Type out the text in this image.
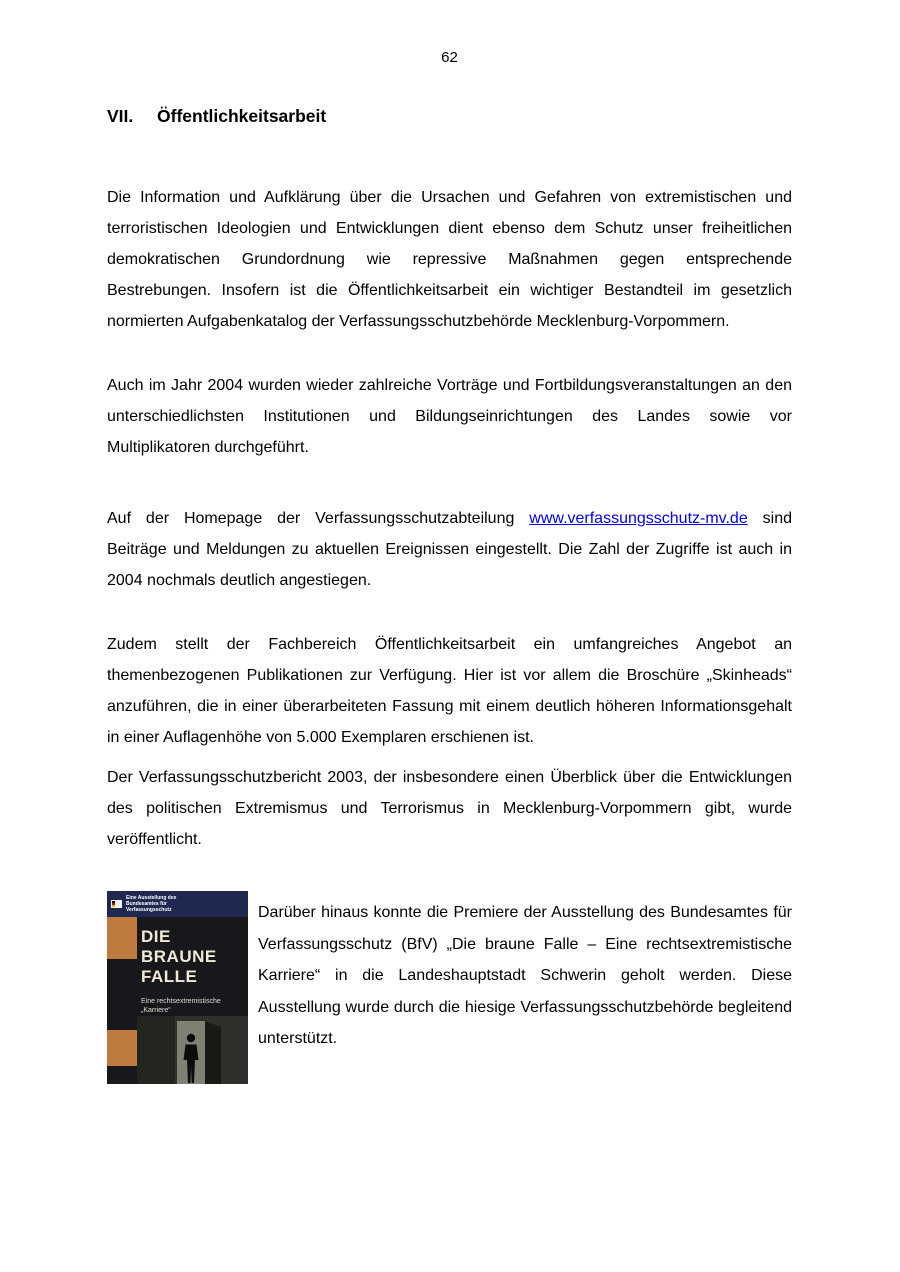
62
VII. Öffentlichkeitsarbeit

Die Information und Aufklärung über die Ursachen und Gefahren von extremistischen und terroristischen Ideologien und Entwicklungen dient ebenso dem Schutz unser freiheitlichen demokratischen Grundordnung wie repressive Maßnahmen gegen entsprechende Bestrebungen. Insofern ist die Öffentlichkeitsarbeit ein wichtiger Bestandteil im gesetzlich normierten Aufgabenkatalog der Verfassungsschutzbehörde Mecklenburg-Vorpommern.

Auch im Jahr 2004 wurden wieder zahlreiche Vorträge und Fortbildungsveranstaltungen an den unterschiedlichsten Institutionen und Bildungseinrichtungen des Landes sowie vor Multiplikatoren durchgeführt.

Auf der Homepage der Verfassungsschutzabteilung www.verfassungsschutz-mv.de sind Beiträge und Meldungen zu aktuellen Ereignissen eingestellt. Die Zahl der Zugriffe ist auch in 2004 nochmals deutlich angestiegen.

Zudem stellt der Fachbereich Öffentlichkeitsarbeit ein umfangreiches Angebot an themenbezogenen Publikationen zur Verfügung. Hier ist vor allem die Broschüre „Skinheads“ anzuführen, die in einer überarbeiteten Fassung mit einem deutlich höheren Informationsgehalt in einer Auflagenhöhe von 5.000 Exemplaren erschienen ist.

Der Verfassungsschutzbericht 2003, der insbesondere einen Überblick über die Entwicklungen des politischen Extremismus und Terrorismus in Mecklenburg-Vorpommern gibt, wurde veröffentlicht.

Eine Ausstellung des Bundesamtes für Verfassungsschutz
DIE
BRAUNE
FALLE
Eine rechtsextremistische
„Karriere“

Darüber hinaus konnte die Premiere der Ausstellung des Bundesamtes für Verfassungsschutz (BfV) „Die braune Falle – Eine rechtsextremistische Karriere“ in die Landeshauptstadt Schwerin geholt werden. Diese Ausstellung wurde durch die hiesige Verfassungsschutzbehörde begleitend unterstützt.
